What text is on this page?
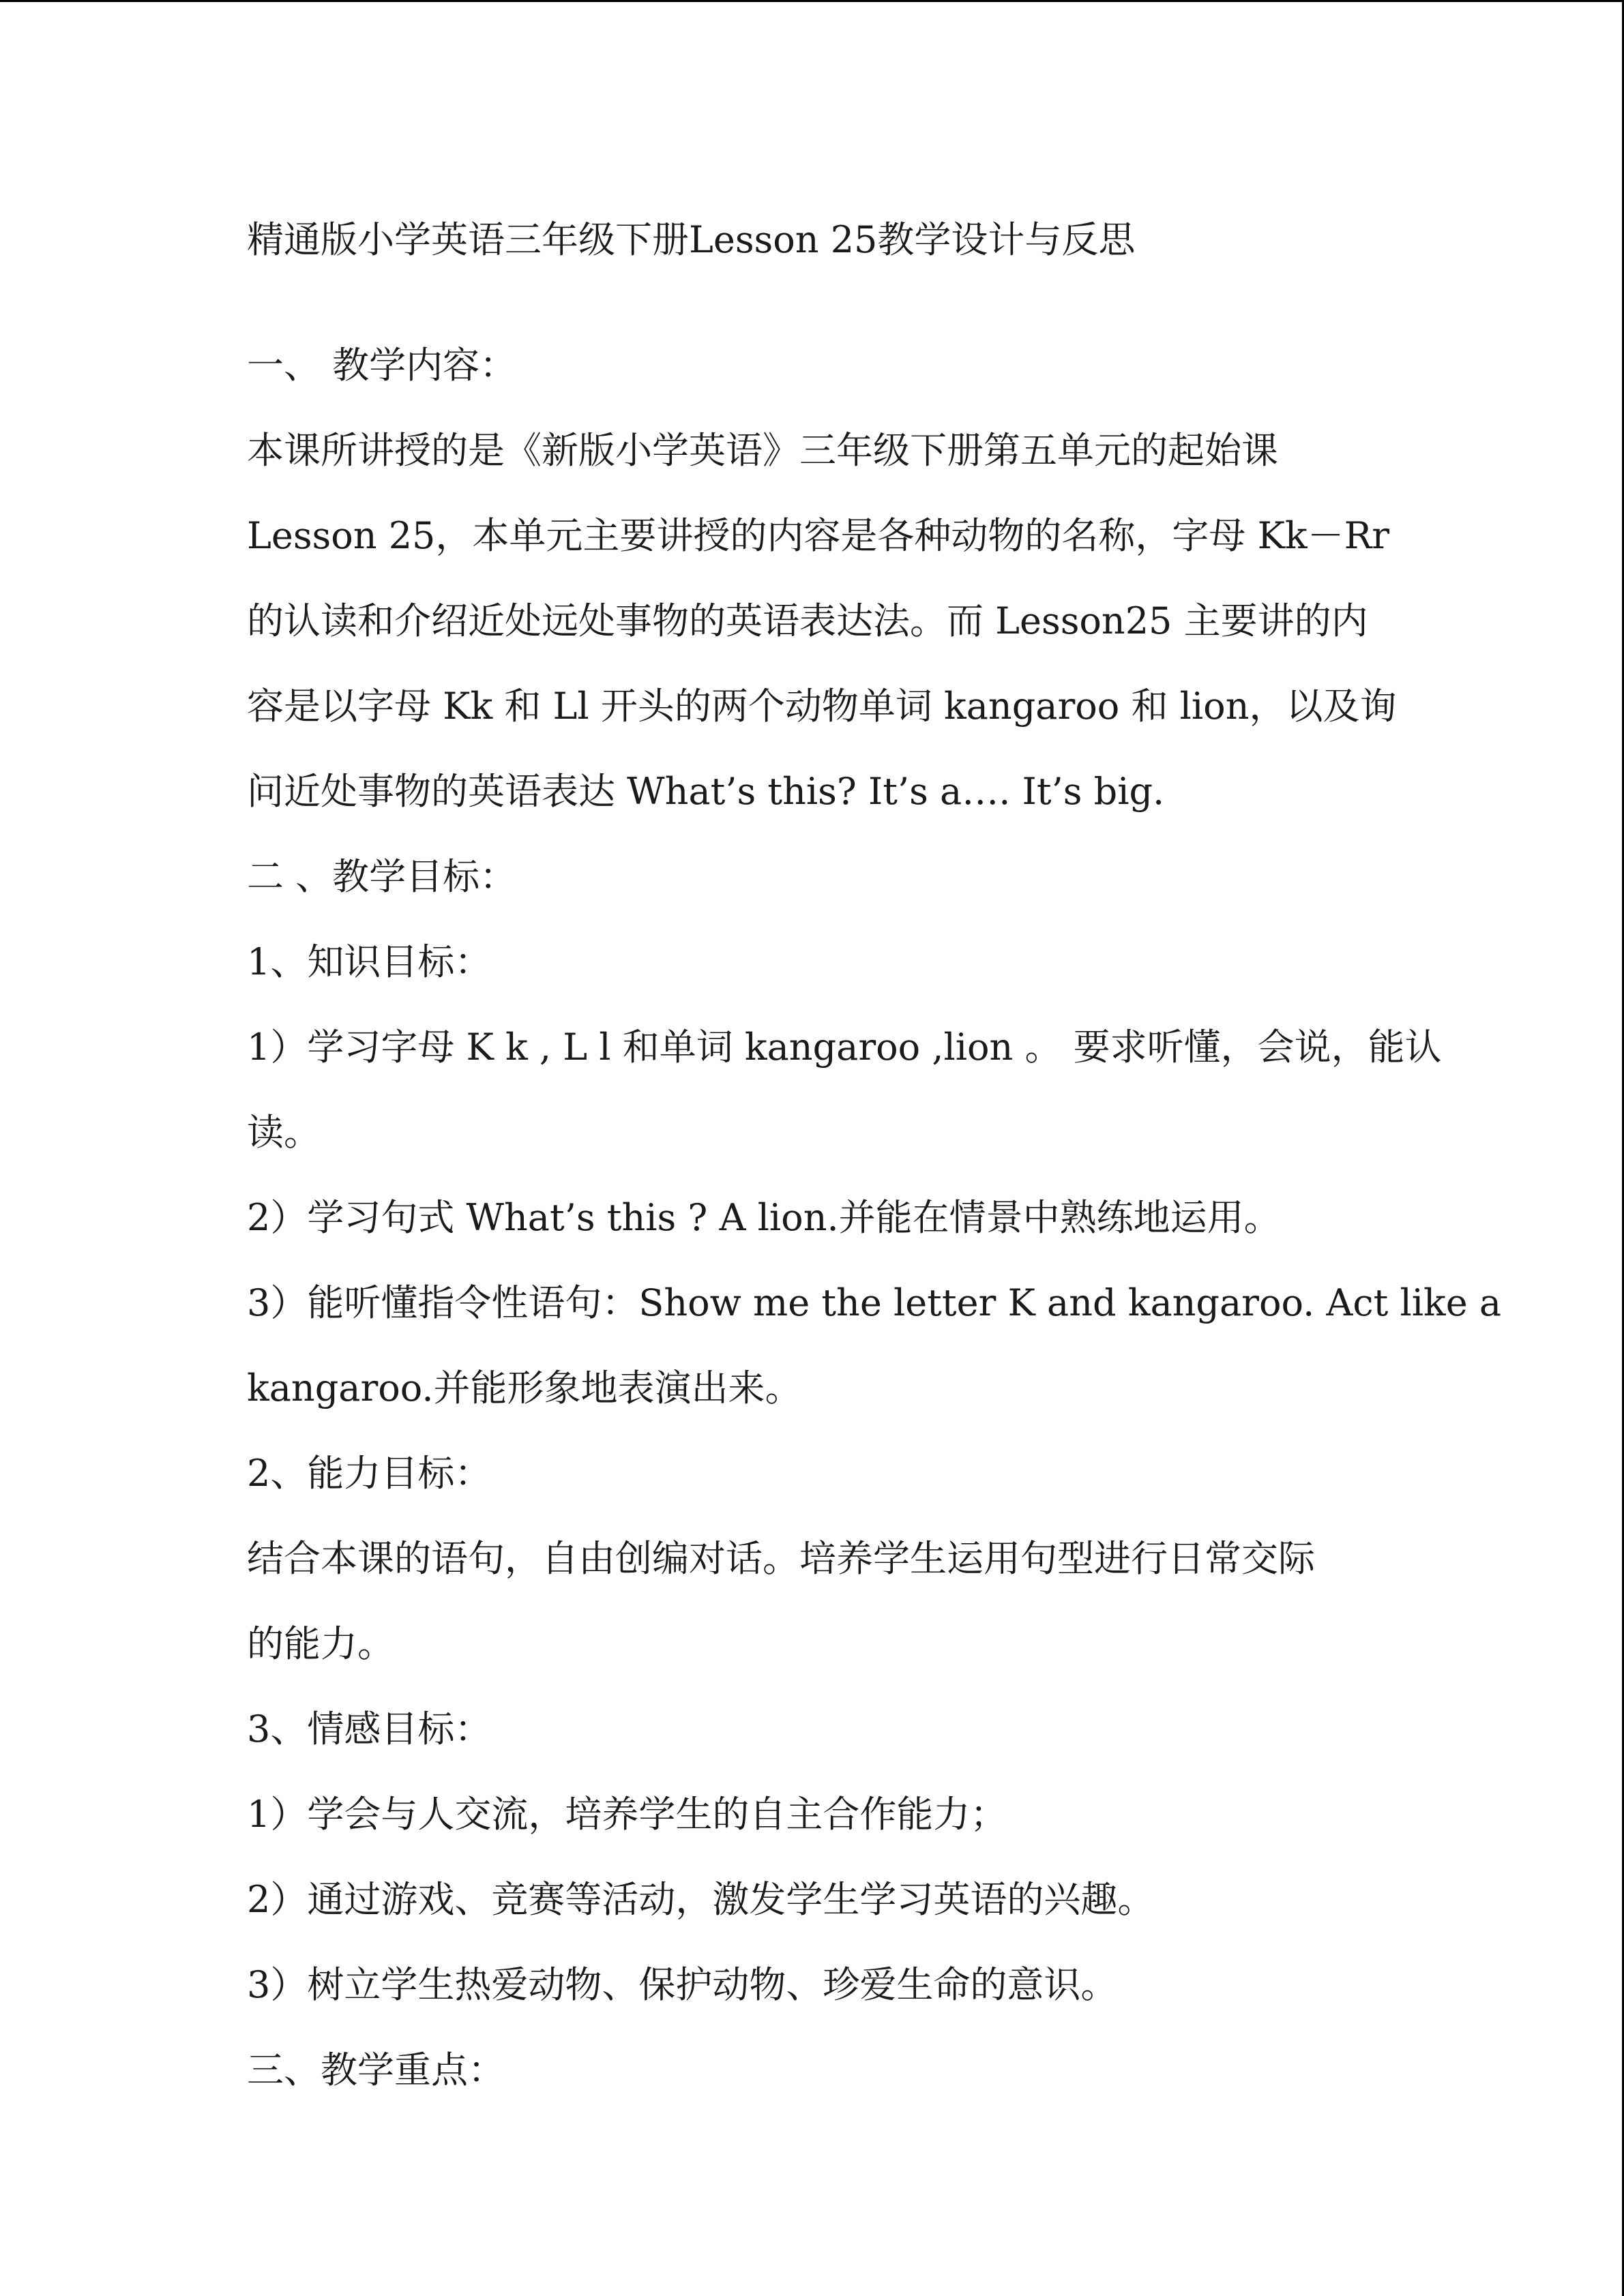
精通版小学英语三年级下册Lesson 25教学设计与反思
一、 教学内容：
本课所讲授的是《新版小学英语》三年级下册第五单元的起始课
Lesson 25，本单元主要讲授的内容是各种动物的名称，字母 Kk－Rr
的认读和介绍近处远处事物的英语表达法。而 Lesson25 主要讲的内
容是以字母 Kk 和 Ll 开头的两个动物单词 kangaroo 和 lion，以及询
问近处事物的英语表达 What’s this? It’s a…. It’s big.
二 、教学目标：
1、知识目标：
1）学习字母 K k , L l 和单词 kangaroo ,lion 。 要求听懂，会说，能认
读。
2）学习句式 What’s this ? A lion.并能在情景中熟练地运用。
3）能听懂指令性语句：Show me the letter K and kangaroo. Act like a
kangaroo.并能形象地表演出来。
2、能力目标：
结合本课的语句，自由创编对话。培养学生运用句型进行日常交际
的能力。
3、情感目标：
1）学会与人交流，培养学生的自主合作能力；
2）通过游戏、竞赛等活动，激发学生学习英语的兴趣。
3）树立学生热爱动物、保护动物、珍爱生命的意识。
三、教学重点：
